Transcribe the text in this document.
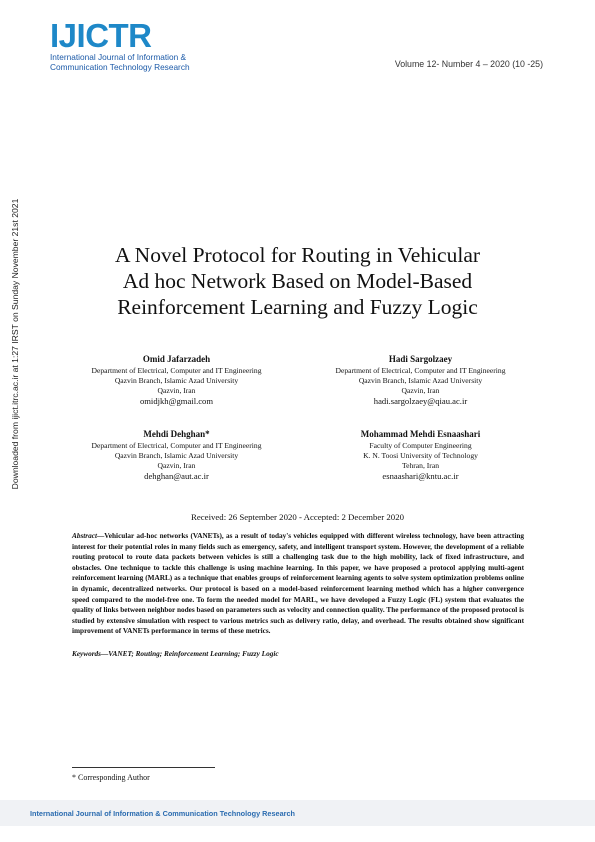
IJICTR
International Journal of Information &
Communication Technology Research	Volume 12- Number 4 – 2020 (10 -25)
Downloaded from ijict.itrc.ac.ir at 1:27 IRST on Sunday November 21st 2021	A Novel Protocol for Routing in Vehicular
Ad hoc Network Based on Model-Based
Reinforcement Learning and Fuzzy Logic
Omid Jafarzadeh
Department of Electrical, Computer and IT Engineering
Qazvin Branch, Islamic Azad University
Qazvin, Iran
omidjkh@gmail.com
Hadi Sargolzaey
Department of Electrical, Computer and IT Engineering
Qazvin Branch, Islamic Azad University
Qazvin, Iran
hadi.sargolzaey@qiau.ac.ir
Mehdi Dehghan*
Department of Electrical, Computer and IT Engineering
Qazvin Branch, Islamic Azad University
Qazvin, Iran
dehghan@aut.ac.ir
Mohammad Mehdi Esnaashari
Faculty of Computer Engineering
K. N. Toosi University of Technology
Tehran, Iran
esnaashari@kntu.ac.ir
Received: 26 September 2020 - Accepted: 2 December 2020
Abstract—Vehicular ad-hoc networks (VANETs), as a result of today's vehicles equipped with different wireless technology, have been attracting interest for their potential roles in many fields such as emergency, safety, and intelligent transport system. However, the development of a reliable routing protocol to route data packets between vehicles is still a challenging task due to the high mobility, lack of fixed infrastructure, and obstacles. One technique to tackle this challenge is using machine learning. In this paper, we have proposed a protocol applying multi-agent reinforcement learning (MARL) as a technique that enables groups of reinforcement learning agents to solve system optimization problems online in dynamic, decentralized networks. Our protocol is based on a model-based reinforcement learning method which has a higher convergence speed compared to the model-free one. To form the needed model for MARL, we have developed a Fuzzy Logic (FL) system that evaluates the quality of links between neighbor nodes based on parameters such as velocity and connection quality. The performance of the proposed protocol is studied by extensive simulation with respect to various metrics such as delivery ratio, delay, and overhead. The results obtained show significant improvement of VANETs performance in terms of these metrics.
Keywords—VANET; Routing; Reinforcement Learning; Fuzzy Logic
* Corresponding Author
International Journal of Information & Communication Technology Research
